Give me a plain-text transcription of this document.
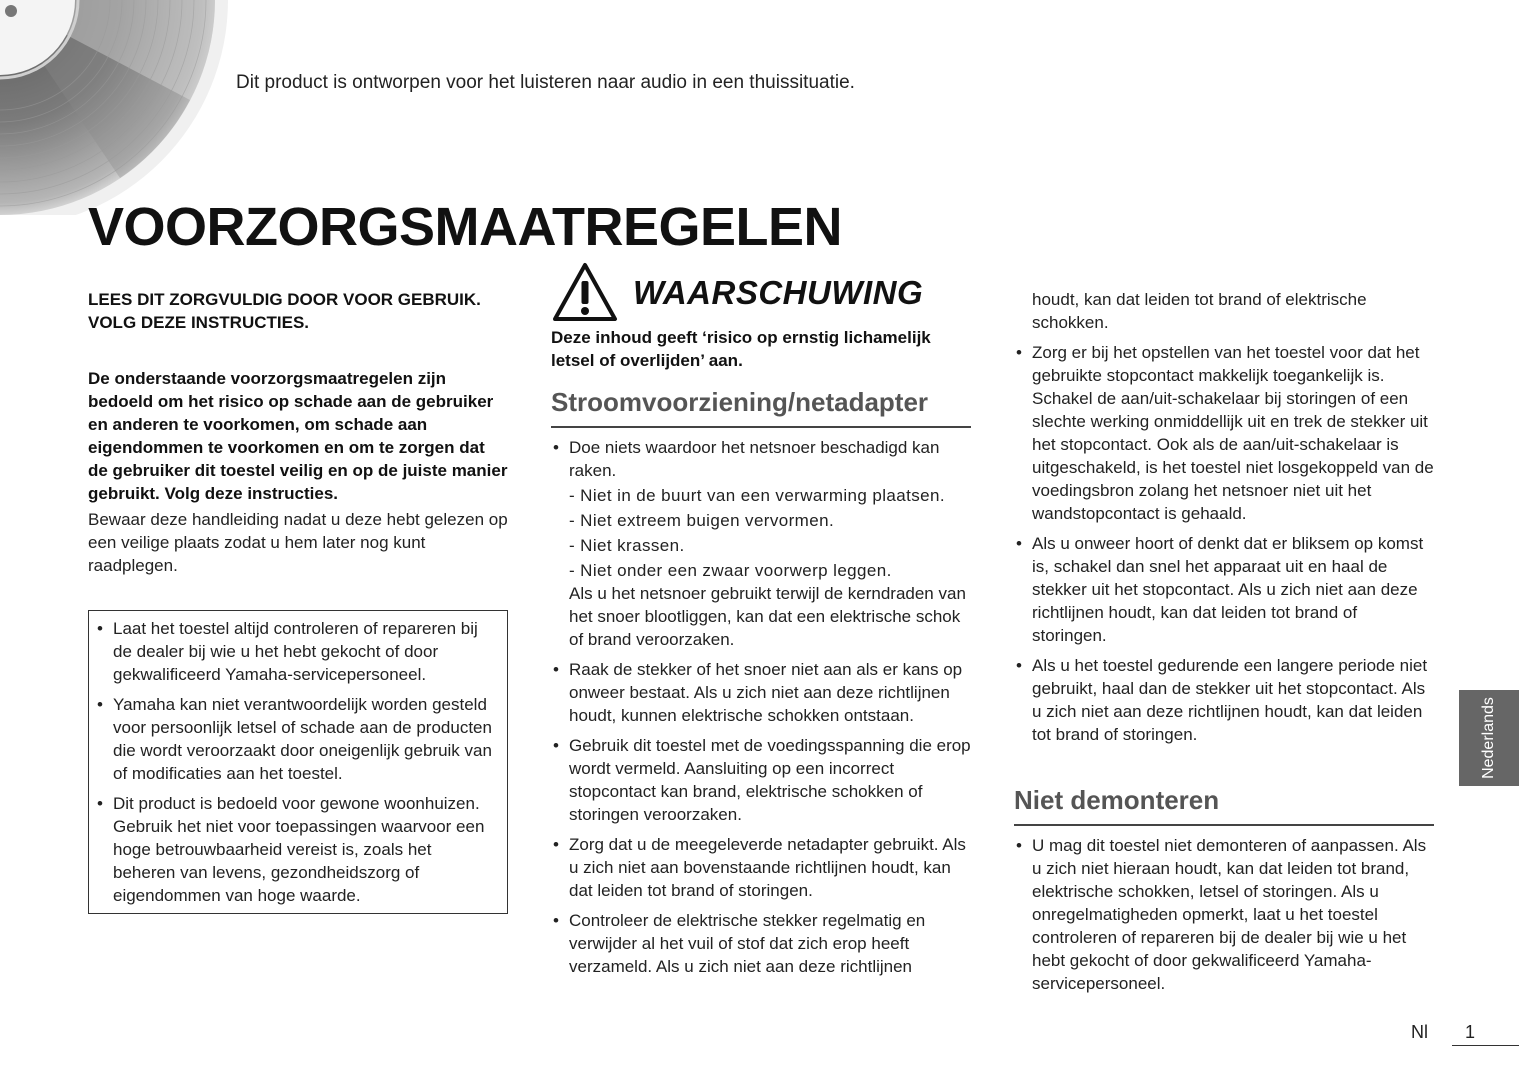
Dit product is ontworpen voor het luisteren naar audio in een thuissituatie.
VOORZORGSMAATREGELEN

LEES DIT ZORGVULDIG DOOR VOOR GEBRUIK. VOLG DEZE INSTRUCTIES.

De onderstaande voorzorgsmaatregelen zijn bedoeld om het risico op schade aan de gebruiker en anderen te voorkomen, om schade aan eigendommen te voorkomen en om te zorgen dat de gebruiker dit toestel veilig en op de juiste manier gebruikt. Volg deze instructies.

Bewaar deze handleiding nadat u deze hebt gelezen op een veilige plaats zodat u hem later nog kunt raadplegen.

• Laat het toestel altijd controleren of repareren bij de dealer bij wie u het hebt gekocht of door gekwalificeerd Yamaha-servicepersoneel.
• Yamaha kan niet verantwoordelijk worden gesteld voor persoonlijk letsel of schade aan de producten die wordt veroorzaakt door oneigenlijk gebruik van of modificaties aan het toestel.
• Dit product is bedoeld voor gewone woonhuizen. Gebruik het niet voor toepassingen waarvoor een hoge betrouwbaarheid vereist is, zoals het beheren van levens, gezondheidszorg of eigendommen van hoge waarde.
WAARSCHUWING

Deze inhoud geeft ‘risico op ernstig lichamelijk letsel of overlijden’ aan.

Stroomvoorziening/netadapter
• Doe niets waardoor het netsnoer beschadigd kan raken.
- Niet in de buurt van een verwarming plaatsen.
- Niet extreem buigen vervormen.
- Niet krassen.
- Niet onder een zwaar voorwerp leggen.
Als u het netsnoer gebruikt terwijl de kerndraden van het snoer blootliggen, kan dat een elektrische schok of brand veroorzaken.
• Raak de stekker of het snoer niet aan als er kans op onweer bestaat. Als u zich niet aan deze richtlijnen houdt, kunnen elektrische schokken ontstaan.
• Gebruik dit toestel met de voedingsspanning die erop wordt vermeld. Aansluiting op een incorrect stopcontact kan brand, elektrische schokken of storingen veroorzaken.
• Zorg dat u de meegeleverde netadapter gebruikt. Als u zich niet aan bovenstaande richtlijnen houdt, kan dat leiden tot brand of storingen.
• Controleer de elektrische stekker regelmatig en verwijder al het vuil of stof dat zich erop heeft verzameld. Als u zich niet aan deze richtlijnen
houdt, kan dat leiden tot brand of elektrische schokken.
• Zorg er bij het opstellen van het toestel voor dat het gebruikte stopcontact makkelijk toegankelijk is. Schakel de aan/uit-schakelaar bij storingen of een slechte werking onmiddellijk uit en trek de stekker uit het stopcontact. Ook als de aan/uit-schakelaar is uitgeschakeld, is het toestel niet losgekoppeld van de voedingsbron zolang het netsnoer niet uit het wandstopcontact is gehaald.
• Als u onweer hoort of denkt dat er bliksem op komst is, schakel dan snel het apparaat uit en haal de stekker uit het stopcontact. Als u zich niet aan deze richtlijnen houdt, kan dat leiden tot brand of storingen.
• Als u het toestel gedurende een langere periode niet gebruikt, haal dan de stekker uit het stopcontact. Als u zich niet aan deze richtlijnen houdt, kan dat leiden tot brand of storingen.
Niet demonteren
• U mag dit toestel niet demonteren of aanpassen. Als u zich niet hieraan houdt, kan dat leiden tot brand, elektrische schokken, letsel of storingen. Als u onregelmatigheden opmerkt, laat u het toestel controleren of repareren bij de dealer bij wie u het hebt gekocht of door gekwalificeerd Yamaha-servicepersoneel.
Nederlands
Nl 1
